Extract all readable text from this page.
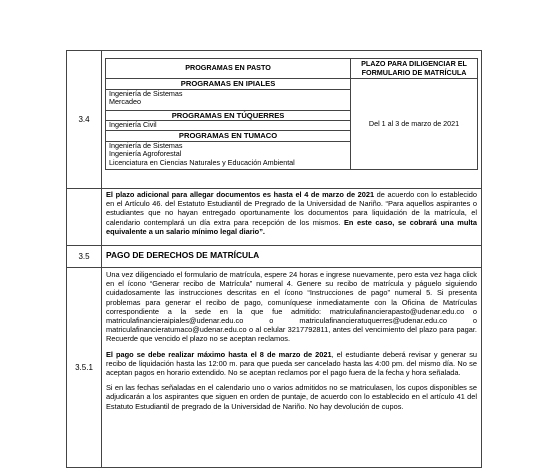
3.4	
PROGRAMAS EN PASTO	PLAZO PARA DILIGENCIAR EL
FORMULARIO DE MATRÍCULA

PROGRAMAS EN IPIALES	Del 1 al 3 de marzo de 2021

Ingeniería de Sistemas
Mercadeo

PROGRAMAS EN TÚQUERRES

Ingeniería Civil

PROGRAMAS EN TUMACO

Ingeniería de Sistemas
Ingeniería Agroforestal
Licenciatura en Ciencias Naturales y Educación Ambiental

	El plazo adicional para allegar documentos es hasta el 4 de marzo de 2021 de acuerdo con lo establecido en el Artículo 46. del Estatuto Estudiantil de Pregrado de la Universidad de Nariño. “Para aquellos aspirantes o estudiantes que no hayan entregado oportunamente los documentos para liquidación de la matrícula, el calendario contemplará un día extra para recepción de los mismos. En este caso, se cobrará una multa equivalente a un salario mínimo legal diario”.
3.5	PAGO DE DERECHOS DE MATRÍCULA
3.5.1	

Una vez diligenciado el formulario de matrícula, espere 24 horas e ingrese nuevamente, pero esta vez haga click en el ícono “Generar recibo de Matrícula” numeral 4. Genere su recibo de matrícula y páguelo siguiendo cuidadosamente las instrucciones descritas en el ícono “Instrucciones de pago” numeral 5. Si presenta problemas para generar el recibo de pago, comuníquese inmediatamente con la Oficina de Matrículas correspondiente a la sede en la que fue admitido: matriculafinancierapasto@udenar.edu.co o matriculafinancieraipiales@udenar.edu.co o matriculafinancieratuquerres@udenar.edu.co o matriculafinancieratumaco@udenar.edu.co o al celular 3217792811, antes del vencimiento del plazo para pagar. Recuerde que vencido el plazo no se aceptan reclamos.

El pago se debe realizar máximo hasta el 8 de marzo de 2021, el estudiante deberá revisar y generar su recibo de liquidación hasta las 12:00 m. para que pueda ser cancelado hasta las 4:00 pm. del mismo día. No se aceptan pagos en horario extendido. No se aceptan reclamos por el pago fuera de la fecha y hora señalada.

Si en las fechas señaladas en el calendario uno o varios admitidos no se matriculasen, los cupos disponibles se adjudicarán a los aspirantes que siguen en orden de puntaje, de acuerdo con lo establecido en el artículo 41 del Estatuto Estudiantil de pregrado de la Universidad de Nariño. No hay devolución de cupos.
